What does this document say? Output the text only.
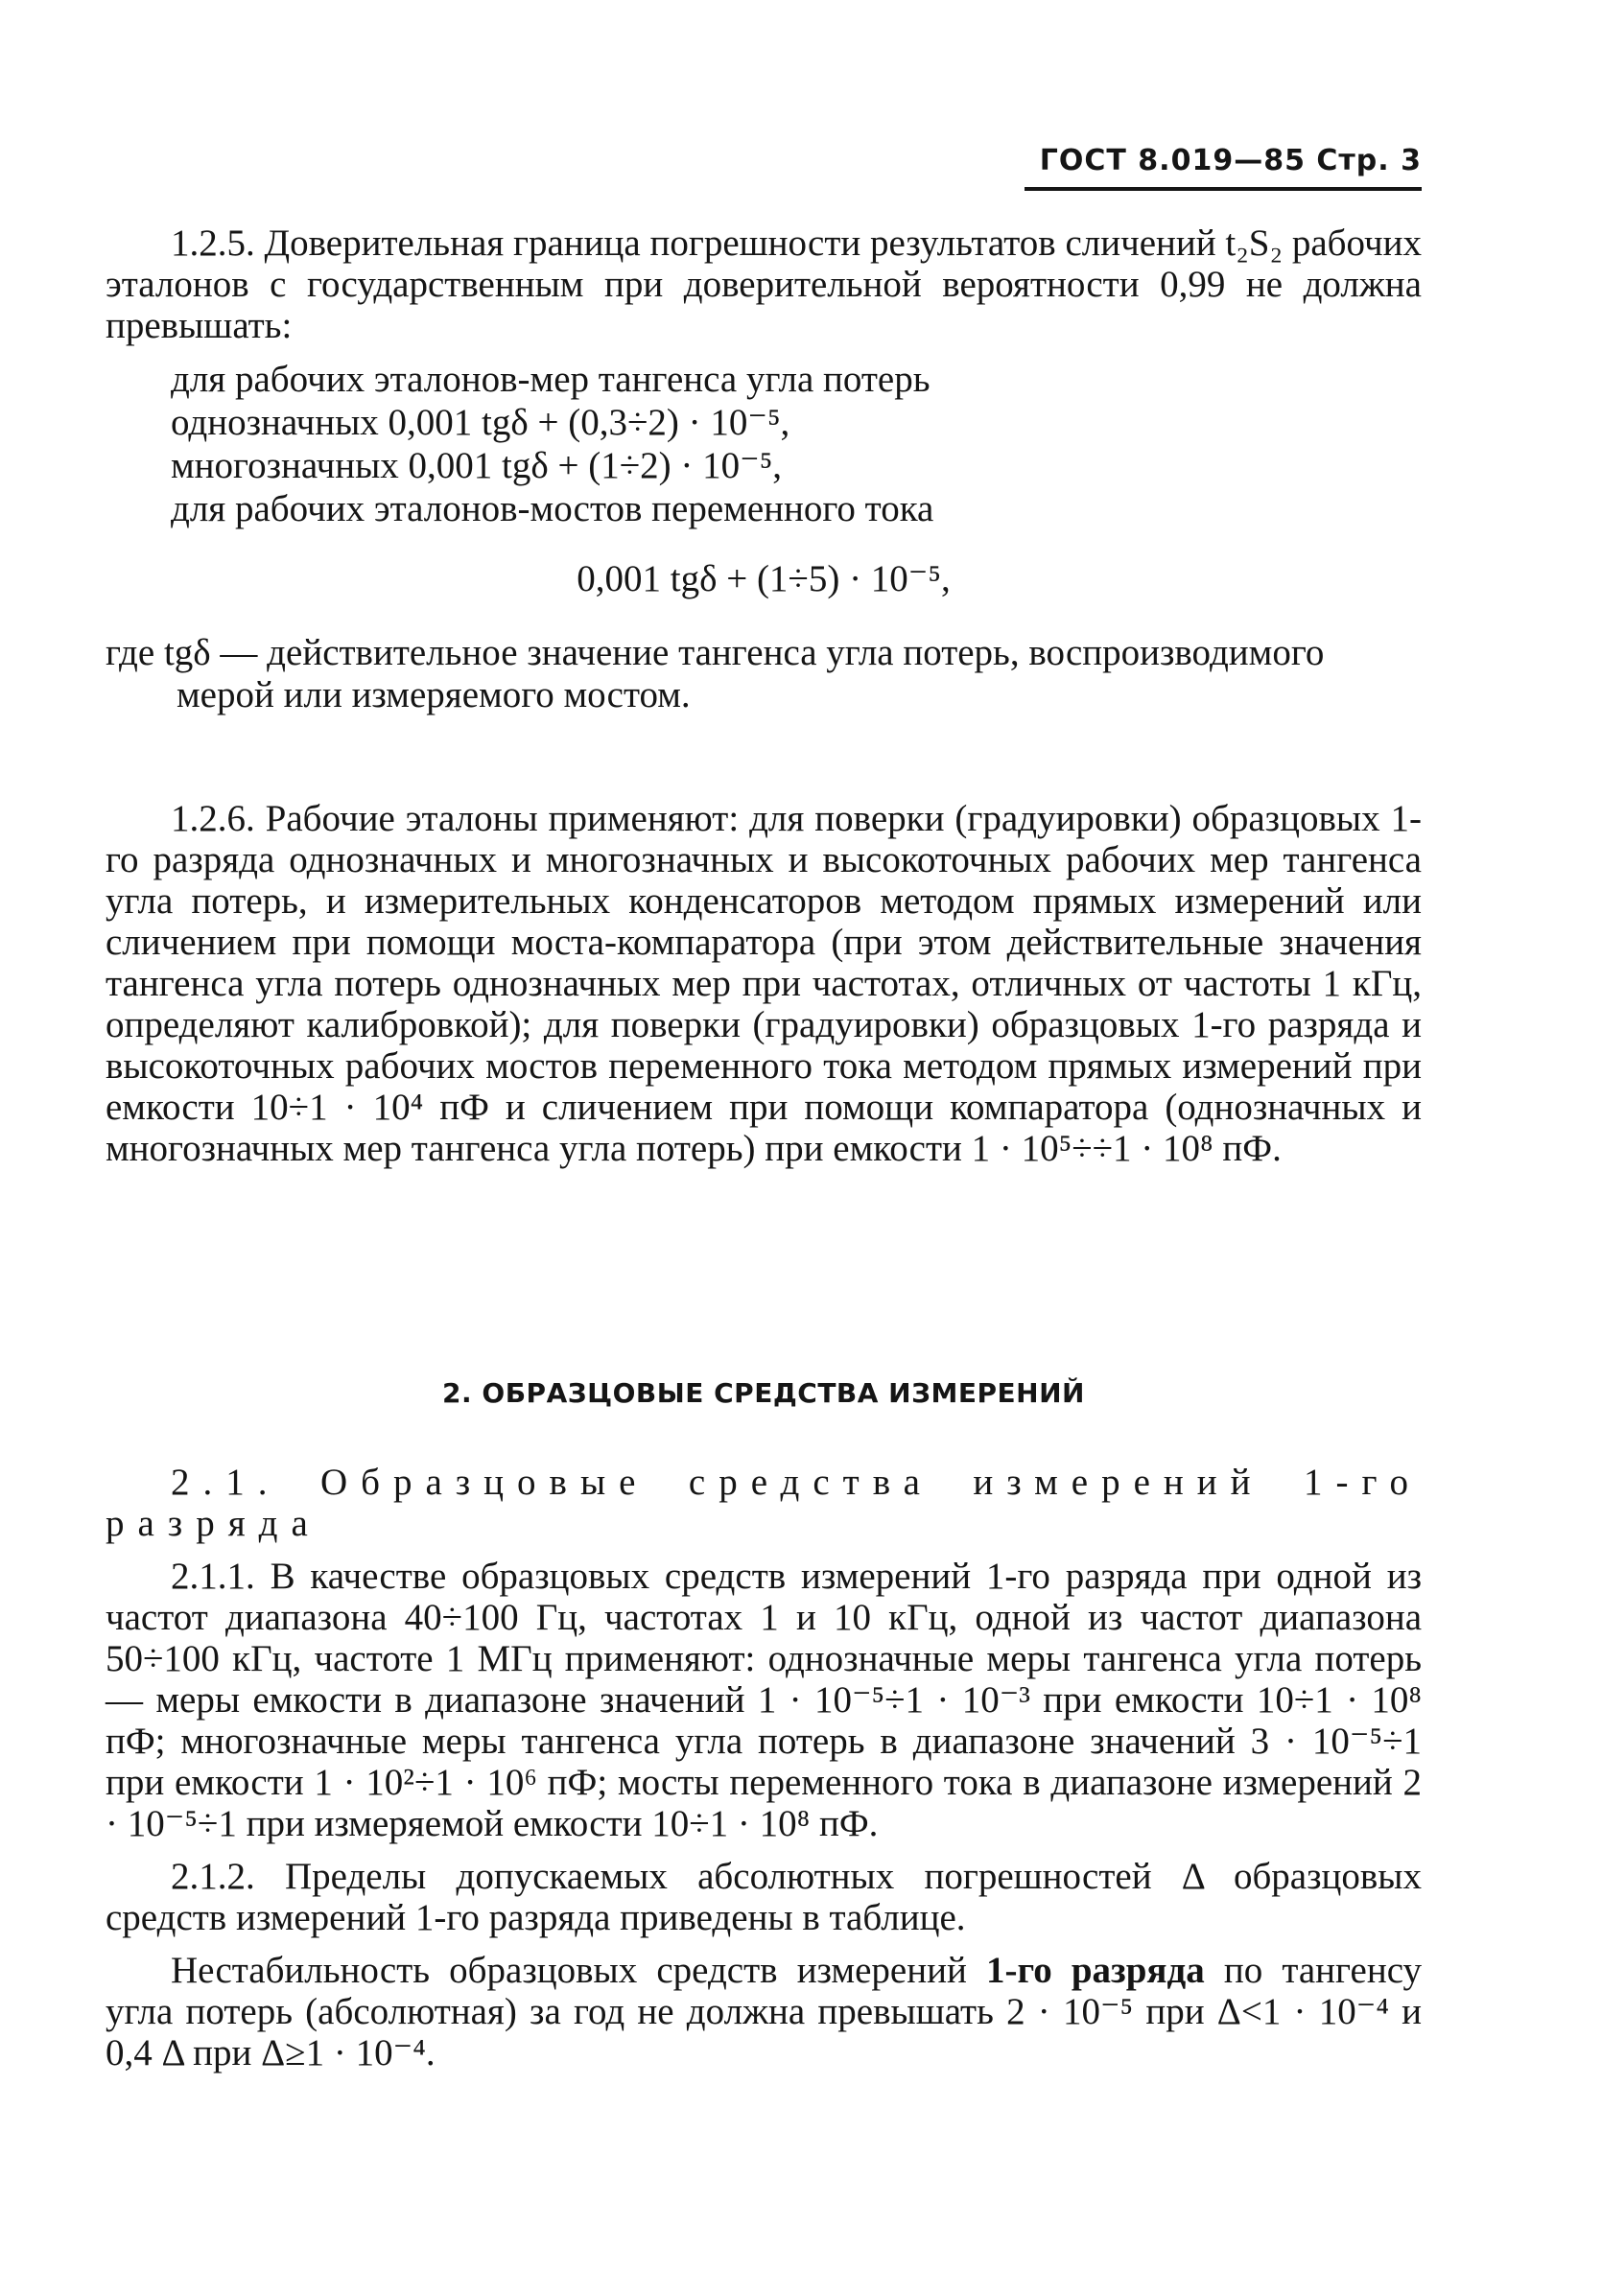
ГОСТ 8.019—85 Стр. 3

1.2.5. Доверительная граница погрешности результатов сличений t₂S₂ рабочих эталонов с государственным при доверительной вероятности 0,99 не должна превышать:

для рабочих эталонов-мер тангенса угла потерь

однозначных 0,001 tgδ + (0,3÷2) · 10⁻⁵,

многозначных 0,001 tgδ + (1÷2) · 10⁻⁵,

для рабочих эталонов-мостов переменного тока

0,001 tgδ + (1÷5) · 10⁻⁵,

где tgδ — действительное значение тангенса угла потерь, воспроизводимого мерой или измеряемого мостом.

1.2.6. Рабочие эталоны применяют: для поверки (градуировки) образцовых 1-го разряда однозначных и многозначных и высокоточных рабочих мер тангенса угла потерь, и измерительных конденсаторов методом прямых измерений или сличением при помощи моста-компаратора (при этом действительные значения тангенса угла потерь однозначных мер при частотах, отличных от частоты 1 кГц, определяют калибровкой); для поверки (градуировки) образцовых 1-го разряда и высокоточных рабочих мостов переменного тока методом прямых измерений при емкости 10÷1 · 10⁴ пФ и сличением при помощи компаратора (однозначных и многозначных мер тангенса угла потерь) при емкости 1 · 10⁵÷÷1 · 10⁸ пФ.

2. ОБРАЗЦОВЫЕ СРЕДСТВА ИЗМЕРЕНИЙ

2.1. Образцовые средства измерений 1-го разряда

2.1.1. В качестве образцовых средств измерений 1-го разряда при одной из частот диапазона 40÷100 Гц, частотах 1 и 10 кГц, одной из частот диапазона 50÷100 кГц, частоте 1 МГц применяют: однозначные меры тангенса угла потерь — меры емкости в диапазоне значений 1 · 10⁻⁵÷1 · 10⁻³ при емкости 10÷1 · 10⁸ пФ; многозначные меры тангенса угла потерь в диапазоне значений 3 · 10⁻⁵÷1 при емкости 1 · 10²÷1 · 10⁶ пФ; мосты переменного тока в диапазоне измерений 2 · 10⁻⁵÷1 при измеряемой емкости 10÷1 · 10⁸ пФ.

2.1.2. Пределы допускаемых абсолютных погрешностей Δ образцовых средств измерений 1-го разряда приведены в таблице.

Нестабильность образцовых средств измерений 1-го разряда по тангенсу угла потерь (абсолютная) за год не должна превышать 2 · 10⁻⁵ при Δ<1 · 10⁻⁴ и 0,4 Δ при Δ≥1 · 10⁻⁴.
